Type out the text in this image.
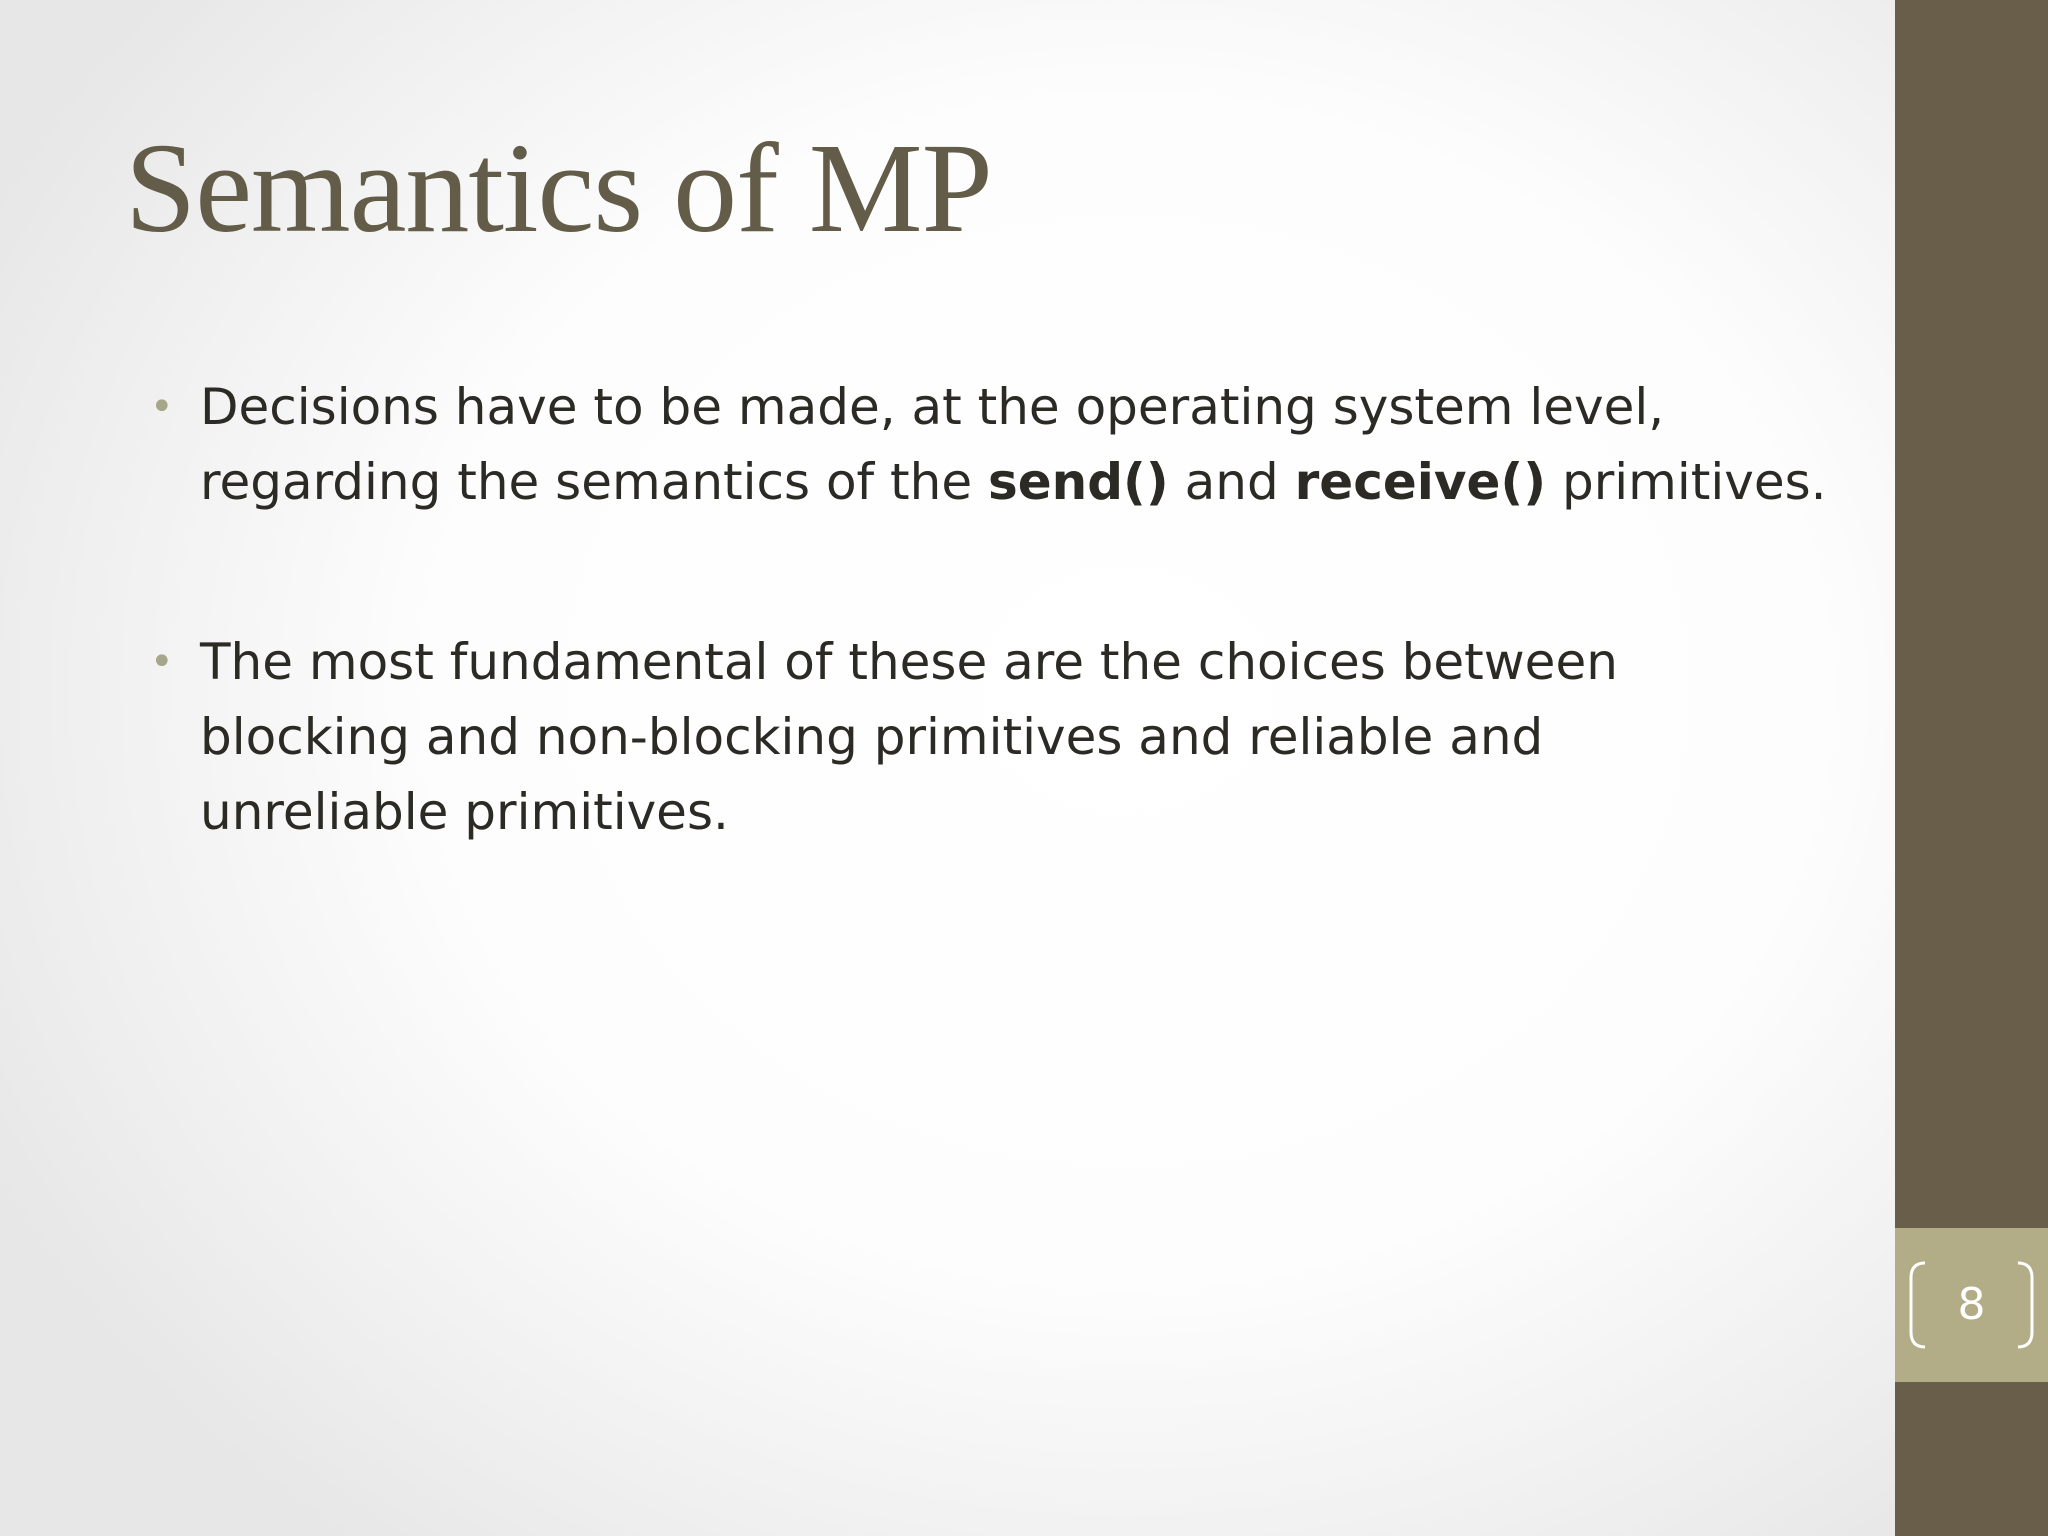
Semantics of MP
• Decisions have to be made, at the operating system level,
regarding the semantics of the send() and receive() primitives.
• The most fundamental of these are the choices between
blocking and non-blocking primitives and reliable and
unreliable primitives.
8
